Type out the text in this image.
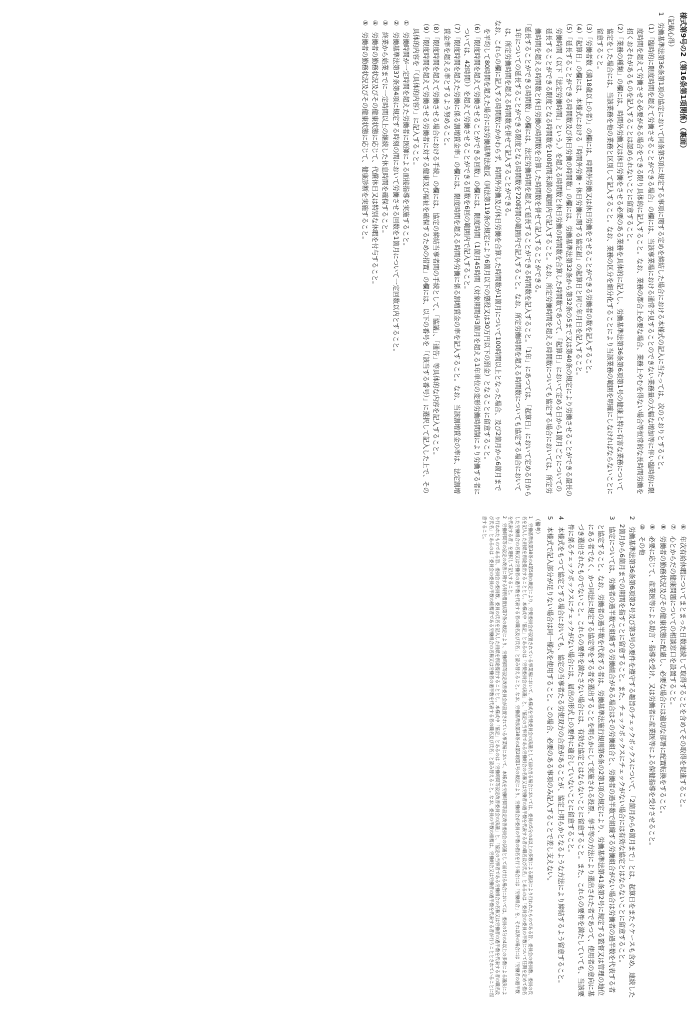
様式第9号の2（第16条第1項関係）（裏面）

（記載心得）

1　労働基準法第36条第1項の協定において同条第5項に規定する事項に関する定めを締結した場合における本様式の記入に当たっては、次のとおりとすること。

（1）「臨時的に限度時間を超えて労働させることができる場合」の欄には、当該事業場における通常予見することのできない業務量の大幅な増加等に伴い臨時的に限度時間を超えて労働させる必要がある場合をできる限り具体的に記入すること。なお、業務の都合上必要な場合、業務上やむを得ない場合等恒常的な長時間労働を招くおそれがあるものを記入することは認められないことに留意すること。

（2）「業務の種類」の欄には、時間外労働又は休日労働をさせる必要のある業務を具体的に記入し、労働基準法第36条第6項第1号の健康上特に有害な業務について協定をした場合には、当該業務を他の業務と区別して記入すること。なお、業務の区分を細分化することにより当該業務の範囲を明確にしなければならないことに留意すること。

（3）「労働者数（満18歳以上の者）」の欄には、時間外労働又は休日労働をさせることができる労働者の数を記入すること。

（4）「起算日」の欄には、本様式における「時間外労働・休日労働に関する協定届」の起算日と同じ年月日を記入すること。

（5）「延長することができる時間数及び休日労働の時間数」の欄には、労働基準法第32条から第32条の5まで又は第40条の規定により労働させることができる最長の労働時間（以下「法定労働時間」という。）を超える時間数と休日労働の時間数を合算した時間数であつて、「起算日」において定める日から1箇月ごとについての延長することができる限度となる時間数を100時間未満の範囲内で記入すること。なお、所定労働時間を超える時間数についても協定する場合においては、所定労働時間を超える時間数と休日労働の時間数を合算した時間数を併せて記入することができる。

「延長することができる時間数」の欄には、法定労働時間を超えて延長することができる時間数を記入すること。「1年」にあつては、「起算日」において定める日から1年についての延長することができる限度となる時間数を720時間の範囲内で記入すること。なお、所定労働時間を超える時間数についても協定する場合においては、所定労働時間を超える時間数を併せて記入することができる。

なお、これらの欄に記入する時間数にかかわらず、時間外労働及び休日労働を合算した時間数が1箇月について100時間以上となった場合、及び2箇月から6箇月までを平均して80時間を超えた場合には労働基準法違反（同法第119条の規定により6箇月以下の懲役又は30万円以下の罰金）となることに留意すること。

（6）「限度時間を超えて労働させることができる回数」の欄には、限度時間（1箇月45時間（対象期間が3箇月を超える1年単位の変形労働時間制により労働する者については、42時間））を超えて労働させることができる回数を6回の範囲内で記入すること。

（7）「限度時間を超えた労働に係る割増賃金率」の欄には、限度時間を超える時間外労働に係る割増賃金の率を記入すること。なお、当該割増賃金の率は、法定割増賃金率を超える率とするよう努めること。

（8）「限度時間を超えて労働させる場合における手続」の欄には、協定の締結当事者間の手続として、「協議」、「通告」等具体的な内容を記入すること。

（9）「限度時間を超えて労働させる労働者に対する健康及び福祉を確保するための措置」の欄には、以下の番号を「（該当する番号）」に選択して記入した上で、その具体的内容を「（具体的内容）」に記入すること。

①　労働時間が一定時間を超えた労働者に医師による面接指導を実施すること。

②　労働基準法第37条第4項に規定する時刻の間において労働させる回数を1箇月について一定回数以内とすること。

③　終業から始業までに一定時間以上の継続した休息時間を確保すること。

④　労働者の勤務状況及びその健康状態に応じて、代償休日又は特別な休暇を付与すること。

⑤　労働者の勤務状況及びその健康状態に応じて、健康診断を実施すること。

⑥　年次有給休暇についてまとまった日数連続して取得することを含めてその取得を促進すること。

⑦　心とからだの健康問題についての相談窓口を設置すること。

⑧　労働者の勤務状況及びその健康状態に配慮し、必要な場合には適切な部署に配置転換をすること。

⑨　必要に応じて、産業医等による助言・指導を受け、又は労働者に産業医等による保健指導を受けさせること。

⑩　その他

2　労働基準法第36条第6項第2号及び第3号の要件を遵守する趣旨のチェックボックスについて、「2箇月から6箇月まで」とは、起算日をまたぐケースも含め、連続した2箇月から6箇月までの期間を指すことに留意すること。また、チェックボックスにチェックがない場合には有効な協定とはならないことに留意すること。

3　協定については、労働者の過半数で組織する労働組合がある場合はその労働組合と、労働者の過半数で組織する労働組合がない場合は労働者の過半数を代表する者と協定すること。なお、労働者の過半数を代表する者は、労働基準法施行規則第6条の2第1項の規定により、労働基準法第41条第2号に規定する監督又は管理の地位にある者でなく、かつ同法に規定する協定等をする者を選出することを明らかにして実施される投票、挙手等の方法により選出された者であつて、使用者の意向に基づき選出されたものでないこと。これらの要件を満たさない場合には、有効な協定とはならないことに留意すること。また、これらの要件を満たしていても、当該要件に係るチェックボックスにチェックがない場合には、届出の形式上の要件に適合していないことに留意すること。

4　本様式をもつて協定とする場合においても、協定の当事者たる労使双方の合意があることが、協定上明らかとなるような方法により締結するよう留意すること。

5　本様式で記入部分が足りない場合は同一様式を使用すること。この場合、必要のある事項のみ記入することで差し支えない。

（備考）

1　労働基準法第38条の4第5項の規定により、労使委員会が設置されている事業場において、本様式を労使委員会の決議として届け出る場合においては、委員の5分の4以上の多数による議決により行われたものである旨、委員会の委員数、委員の氏名を記入した用紙を別途提出することとし、本様式中「協定」とあるのは「労使委員会の決議」と、「協定の当事者である労働組合の名称又は労働者の過半数を代表する者の職名及び氏名」とあるのは「委員会の委員の半数について任期を定めて指名した労働組合の名称又は労働者の過半数を代表する者の職名及び氏名」と読み替えること。なお、労働基準法第38条の4第2項第1号の規定により、労働組合が委員の半数の指名を行う場合には「労働組合」を、それ以外の場合には「労働者の過半数を代表する者」を選択して記入すること。

2　労働時間等の設定の改善に関する特別措置法第7条の規定により、労働時間等設定改善委員会が設置されている事業場において、本様式を労働時間等設定改善委員会の決議として届け出る場合においては、委員の5分の4以上の多数による議決により行われたものである旨、委員会の委員数、委員の氏名を記入した用紙を別途提出することとし、本様式中「協定」とあるのは「労働時間等設定改善委員会の決議」と、「協定の当事者である労働組合の名称又は労働者の過半数を代表する者の職名及び氏名」とあるのは「委員会の委員の半数の推薦者である労働組合の名称又は労働者の過半数を代表する者の職名及び氏名」と読み替えること。なお、委員の半数の推薦は、労働組合又は労働者の過半数を代表する者が行うこととされていることに留意すること。
